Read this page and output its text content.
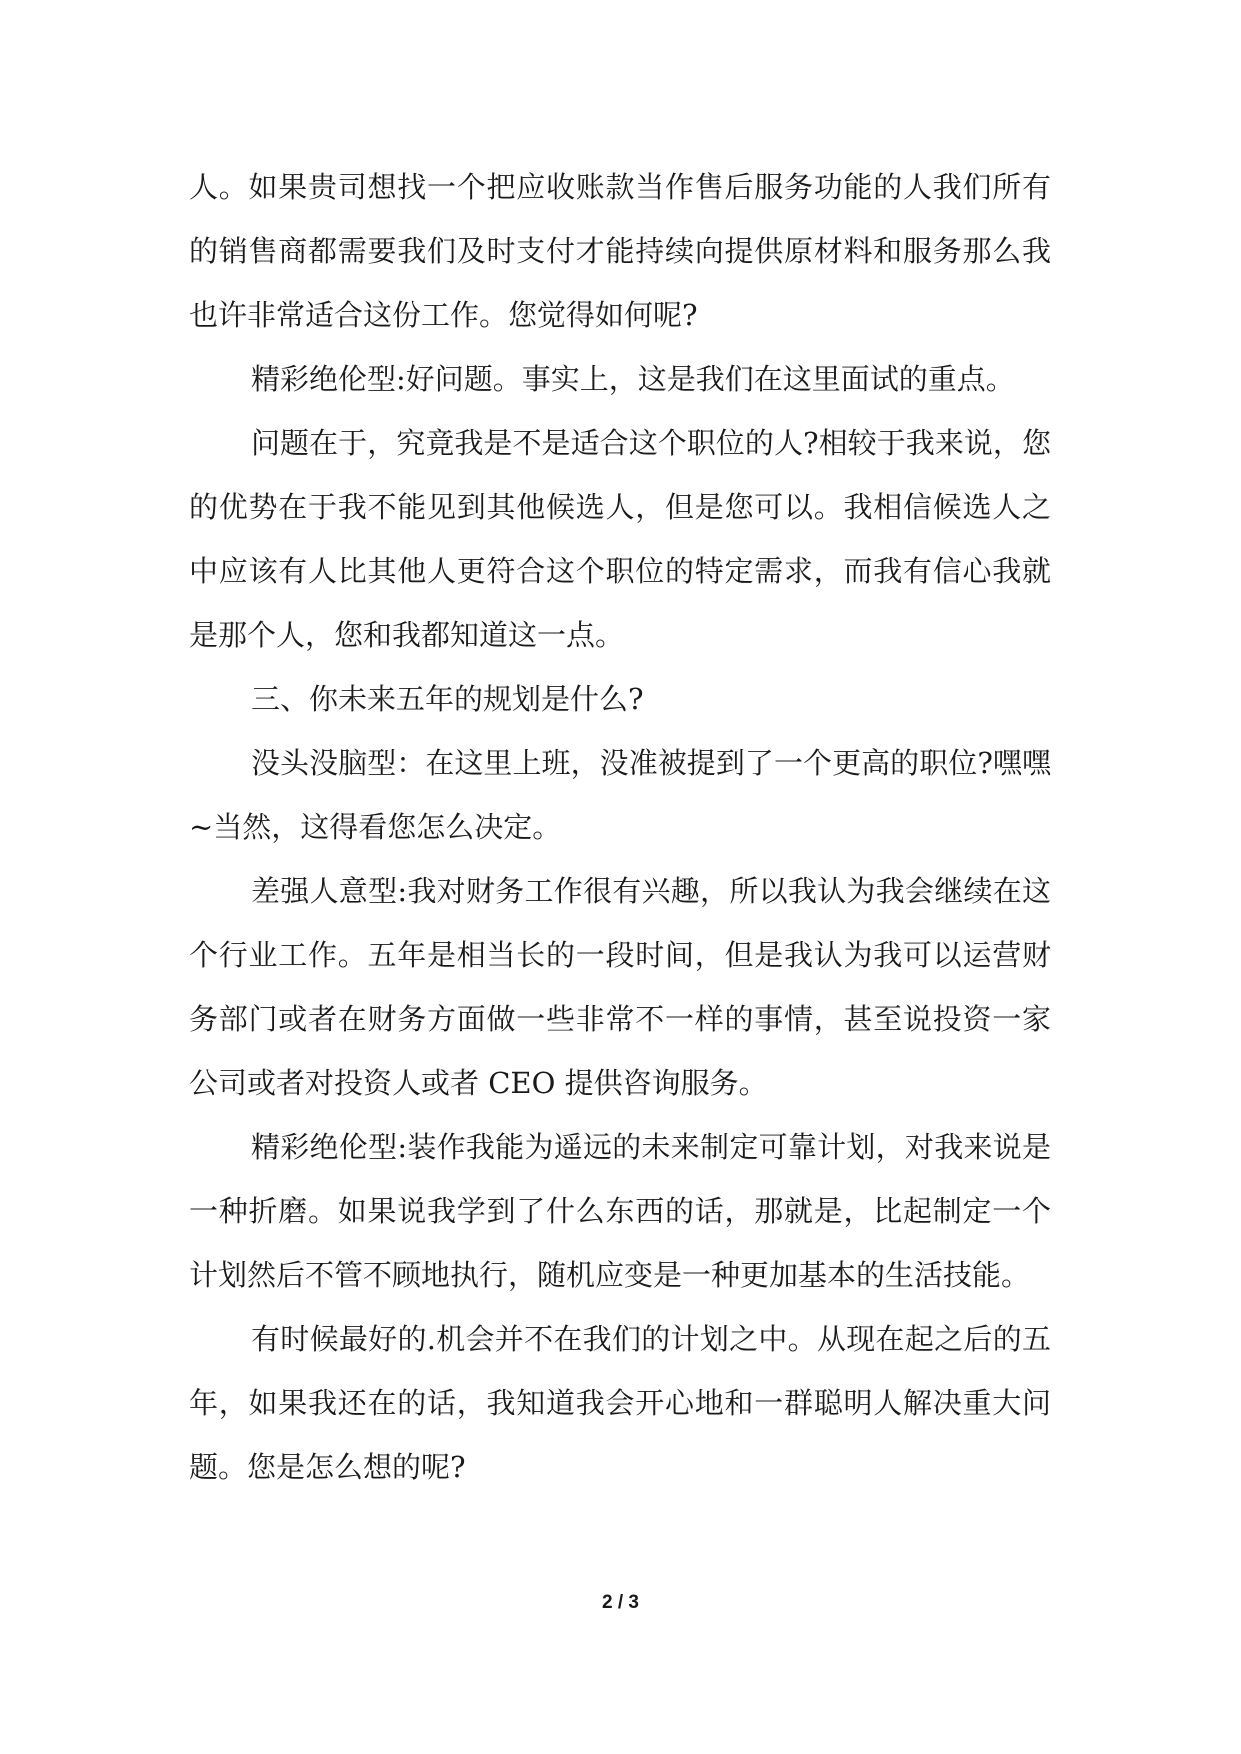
人。如果贵司想找一个把应收账款当作售后服务功能的人我们所有的销售商都需要我们及时支付才能持续向提供原材料和服务那么我也许非常适合这份工作。您觉得如何呢?

精彩绝伦型:好问题。事实上，这是我们在这里面试的重点。

问题在于，究竟我是不是适合这个职位的人?相较于我来说，您的优势在于我不能见到其他候选人，但是您可以。我相信候选人之中应该有人比其他人更符合这个职位的特定需求，而我有信心我就是那个人，您和我都知道这一点。

三、你未来五年的规划是什么?

没头没脑型：在这里上班，没准被提到了一个更高的职位?嘿嘿~当然，这得看您怎么决定。

差强人意型:我对财务工作很有兴趣，所以我认为我会继续在这个行业工作。五年是相当长的一段时间，但是我认为我可以运营财务部门或者在财务方面做一些非常不一样的事情，甚至说投资一家公司或者对投资人或者 CEO 提供咨询服务。

精彩绝伦型:装作我能为遥远的未来制定可靠计划，对我来说是一种折磨。如果说我学到了什么东西的话，那就是，比起制定一个计划然后不管不顾地执行，随机应变是一种更加基本的生活技能。

有时候最好的.机会并不在我们的计划之中。从现在起之后的五年，如果我还在的话，我知道我会开心地和一群聪明人解决重大问题。您是怎么想的呢?

2 / 3
